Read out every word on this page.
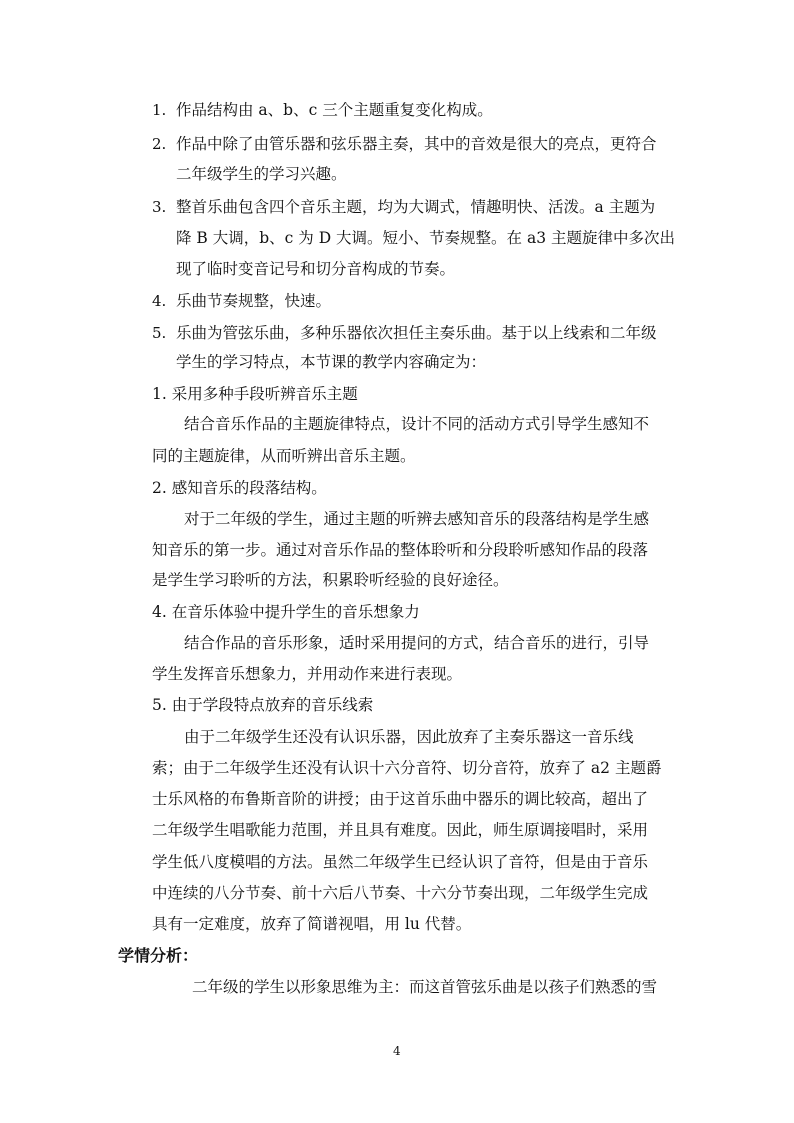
1. 作品结构由 a、b、c 三个主题重复变化构成。
2. 作品中除了由管乐器和弦乐器主奏，其中的音效是很大的亮点，更符合
二年级学生的学习兴趣。
3. 整首乐曲包含四个音乐主题，均为大调式，情趣明快、活泼。a 主题为
降 B 大调，b、c 为 D 大调。短小、节奏规整。在 a3 主题旋律中多次出
现了临时变音记号和切分音构成的节奏。
4. 乐曲节奏规整，快速。
5. 乐曲为管弦乐曲，多种乐器依次担任主奏乐曲。基于以上线索和二年级
学生的学习特点，本节课的教学内容确定为：
1. 采用多种手段听辨音乐主题
结合音乐作品的主题旋律特点，设计不同的活动方式引导学生感知不
同的主题旋律，从而听辨出音乐主题。
2. 感知音乐的段落结构。
对于二年级的学生，通过主题的听辨去感知音乐的段落结构是学生感
知音乐的第一步。通过对音乐作品的整体聆听和分段聆听感知作品的段落
是学生学习聆听的方法，积累聆听经验的良好途径。
4. 在音乐体验中提升学生的音乐想象力
结合作品的音乐形象，适时采用提问的方式，结合音乐的进行，引导
学生发挥音乐想象力，并用动作来进行表现。
5. 由于学段特点放弃的音乐线索
由于二年级学生还没有认识乐器，因此放弃了主奏乐器这一音乐线
索；由于二年级学生还没有认识十六分音符、切分音符，放弃了 a2 主题爵
士乐风格的布鲁斯音阶的讲授；由于这首乐曲中器乐的调比较高，超出了
二年级学生唱歌能力范围，并且具有难度。因此，师生原调接唱时，采用
学生低八度模唱的方法。虽然二年级学生已经认识了音符，但是由于音乐
中连续的八分节奏、前十六后八节奏、十六分节奏出现，二年级学生完成
具有一定难度，放弃了简谱视唱，用 lu 代替。
学情分析：
二年级的学生以形象思维为主：而这首管弦乐曲是以孩子们熟悉的雪
4
